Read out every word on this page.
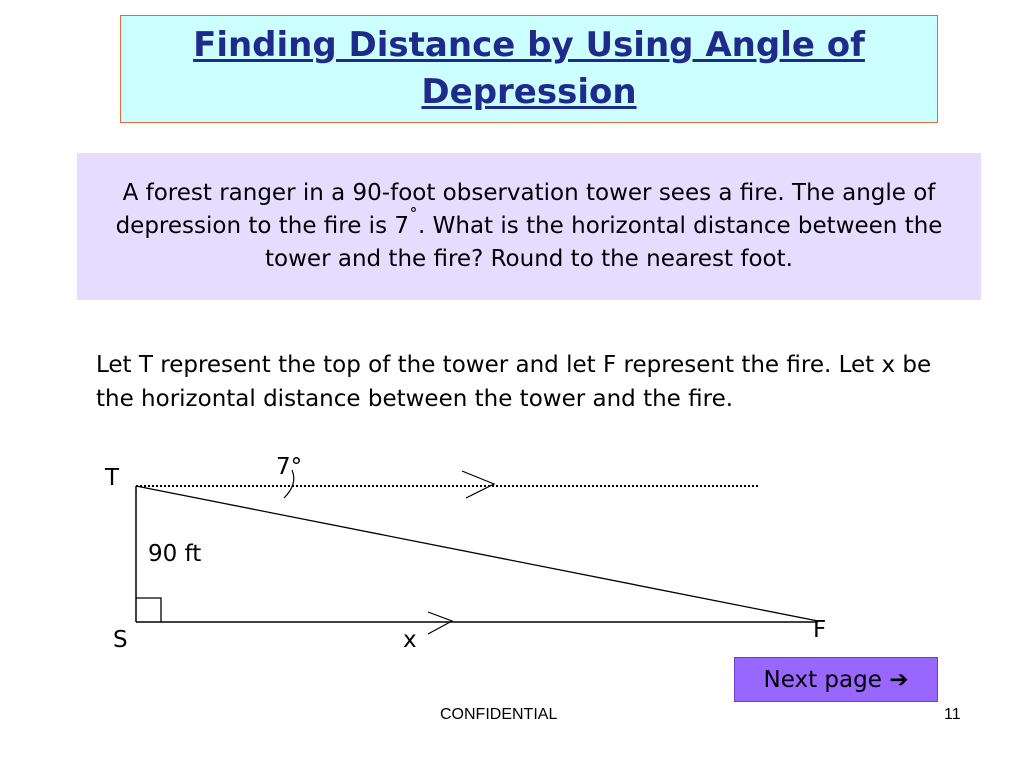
Finding Distance by Using Angle of Depression
A forest ranger in a 90-foot observation tower sees a fire. The angle of depression to the fire is 7˚. What is the horizontal distance between the tower and the fire? Round to the nearest foot.
Let T represent the top of the tower and let F represent the fire. Let x be the horizontal distance between the tower and the fire.
T	7°
90 ft
S	x	F
Next page
➔
CONFIDENTIAL	11
